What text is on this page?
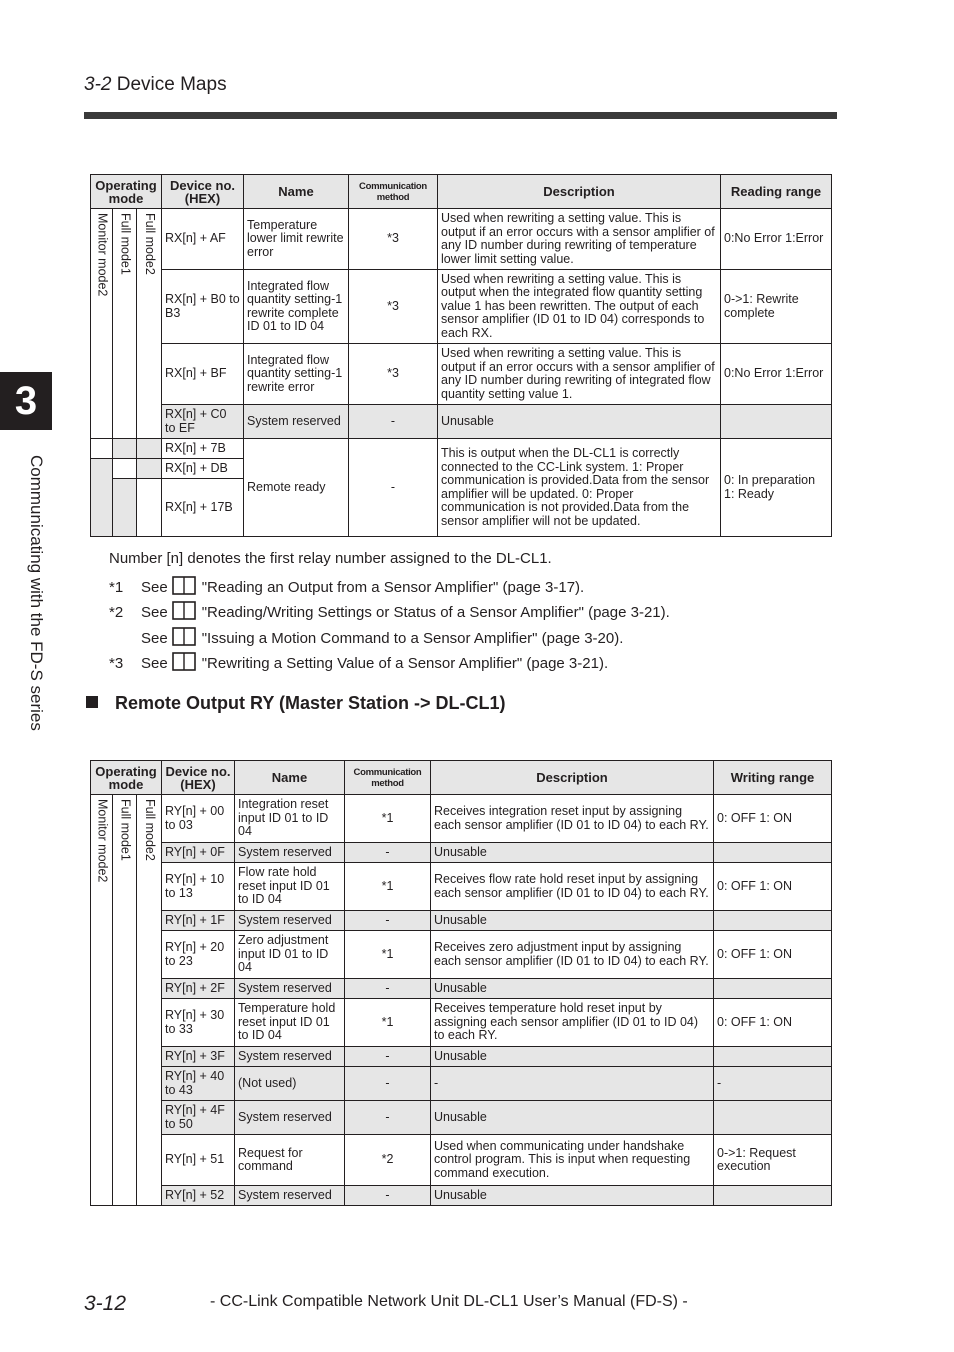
3-2 Device Maps
3
Communicating with the FD-S series
Operating mode			Device no. (HEX)	Name	Communication method	Description	Reading range

Monitor mode2	Full mode1	Full mode2	RX[n] + AF	Temperature lower limit rewrite error	*3	Used when rewriting a setting value. This is output if an error occurs with a sensor amplifier of any ID number during rewriting of temperature lower limit setting value.	0:No Error 1:Error
			RX[n] + B0 to B3	Integrated flow quantity setting-1 rewrite complete ID 01 to ID 04	*3	Used when rewriting a setting value. This is output when the integrated flow quantity setting value 1 has been rewritten. The output of each sensor amplifier (ID 01 to ID 04) corresponds to each RX.	0->1: Rewrite complete
			RX[n] + BF	Integrated flow quantity setting-1 rewrite error	*3	Used when rewriting a setting value. This is output if an error occurs with a sensor amplifier of any ID number during rewriting of integrated flow quantity setting value 1.	0:No Error 1:Error
			RX[n] + C0 to EF	System reserved	-	Unusable	
			RX[n] + 7B	Remote ready	-	This is output when the DL-CL1 is correctly connected to the CC-Link system. 1: Proper communication is provided.Data from the sensor amplifier will be updated. 0: Proper communication is not provided.Data from the sensor amplifier will not be updated.	0: In preparation 1: Ready
			RX[n] + DB				
			RX[n] + 17B				
Number [n] denotes the first relay number assigned to the DL-CL1.
*1 See "Reading an Output from a Sensor Amplifier" (page 3-17).
*2 See "Reading/Writing Settings or Status of a Sensor Amplifier" (page 3-21).
See "Issuing a Motion Command to a Sensor Amplifier" (page 3-20).
*3 See "Rewriting a Setting Value of a Sensor Amplifier" (page 3-21).
Remote Output RY (Master Station -> DL-CL1)
Operating mode			Device no. (HEX)	Name	Communication method	Description	Writing range

Monitor mode2	Full mode1	Full mode2	RY[n] + 00 to 03	Integration reset input ID 01 to ID 04	*1	Receives integration reset input by assigning each sensor amplifier (ID 01 to ID 04) to each RY.	0: OFF 1: ON
			RY[n] + 0F	System reserved	-	Unusable	
			RY[n] + 10 to 13	Flow rate hold reset input ID 01 to ID 04	*1	Receives flow rate hold reset input by assigning each sensor amplifier (ID 01 to ID 04) to each RY.	0: OFF 1: ON
			RY[n] + 1F	System reserved	-	Unusable	
			RY[n] + 20 to 23	Zero adjustment input ID 01 to ID 04	*1	Receives zero adjustment input by assigning each sensor amplifier (ID 01 to ID 04) to each RY.	0: OFF 1: ON
			RY[n] + 2F	System reserved	-	Unusable	
			RY[n] + 30 to 33	Temperature hold reset input ID 01 to ID 04	*1	Receives temperature hold reset input by assigning each sensor amplifier (ID 01 to ID 04) to each RY.	0: OFF 1: ON
			RY[n] + 3F	System reserved	-	Unusable	
			RY[n] + 40 to 43	(Not used)	-	-	-
			RY[n] + 4F to 50	System reserved	-	Unusable	
			RY[n] + 51	Request for command	*2	Used when communicating under handshake control program. This is input when requesting command execution.	0->1: Request execution
			RY[n] + 52	System reserved	-	Unusable	
3-12	- CC-Link Compatible Network Unit DL-CL1 User’s Manual (FD-S) -
